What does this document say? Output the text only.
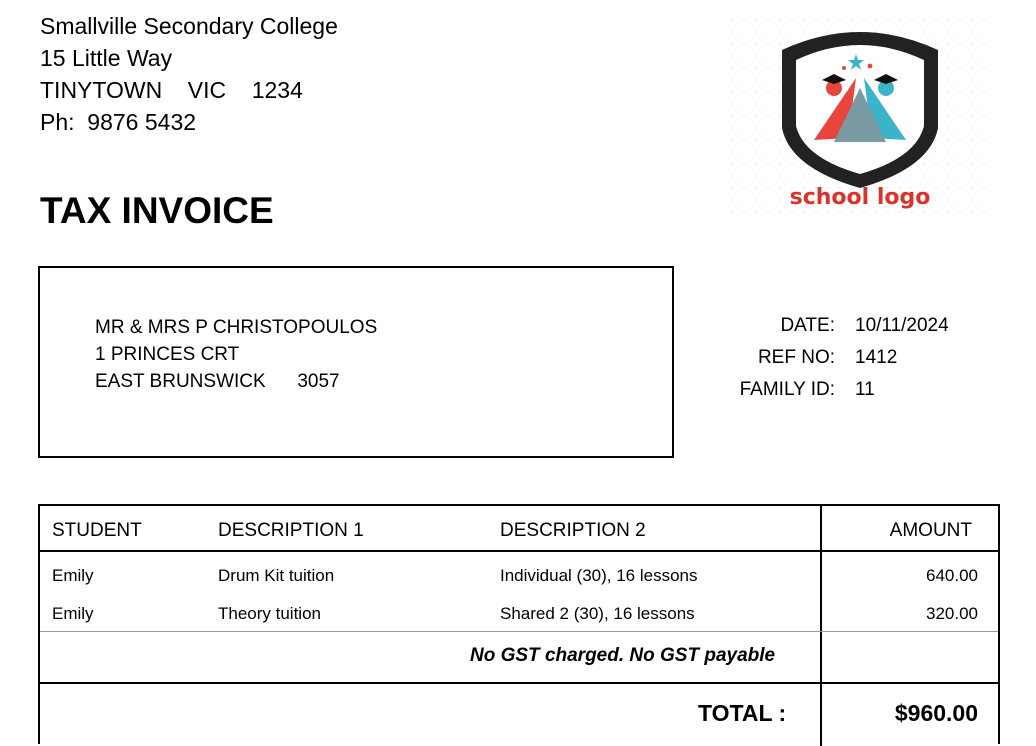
Smallville Secondary College
15 Little Way
TINYTOWN    VIC    1234
Ph:  9876 5432
school logo
TAX INVOICE
MR & MRS P CHRISTOPOULOS
1 PRINCES CRT
EAST BRUNSWICK      3057
DATE:	10/11/2024
REF NO:	1412
FAMILY ID:	11
STUDENT	DESCRIPTION 1	DESCRIPTION 2	AMOUNT
Emily	Drum Kit tuition	Individual (30), 16 lessons	640.00
Emily	Theory tuition	Shared 2 (30), 16 lessons	320.00
No GST charged. No GST payable
TOTAL :	$960.00
